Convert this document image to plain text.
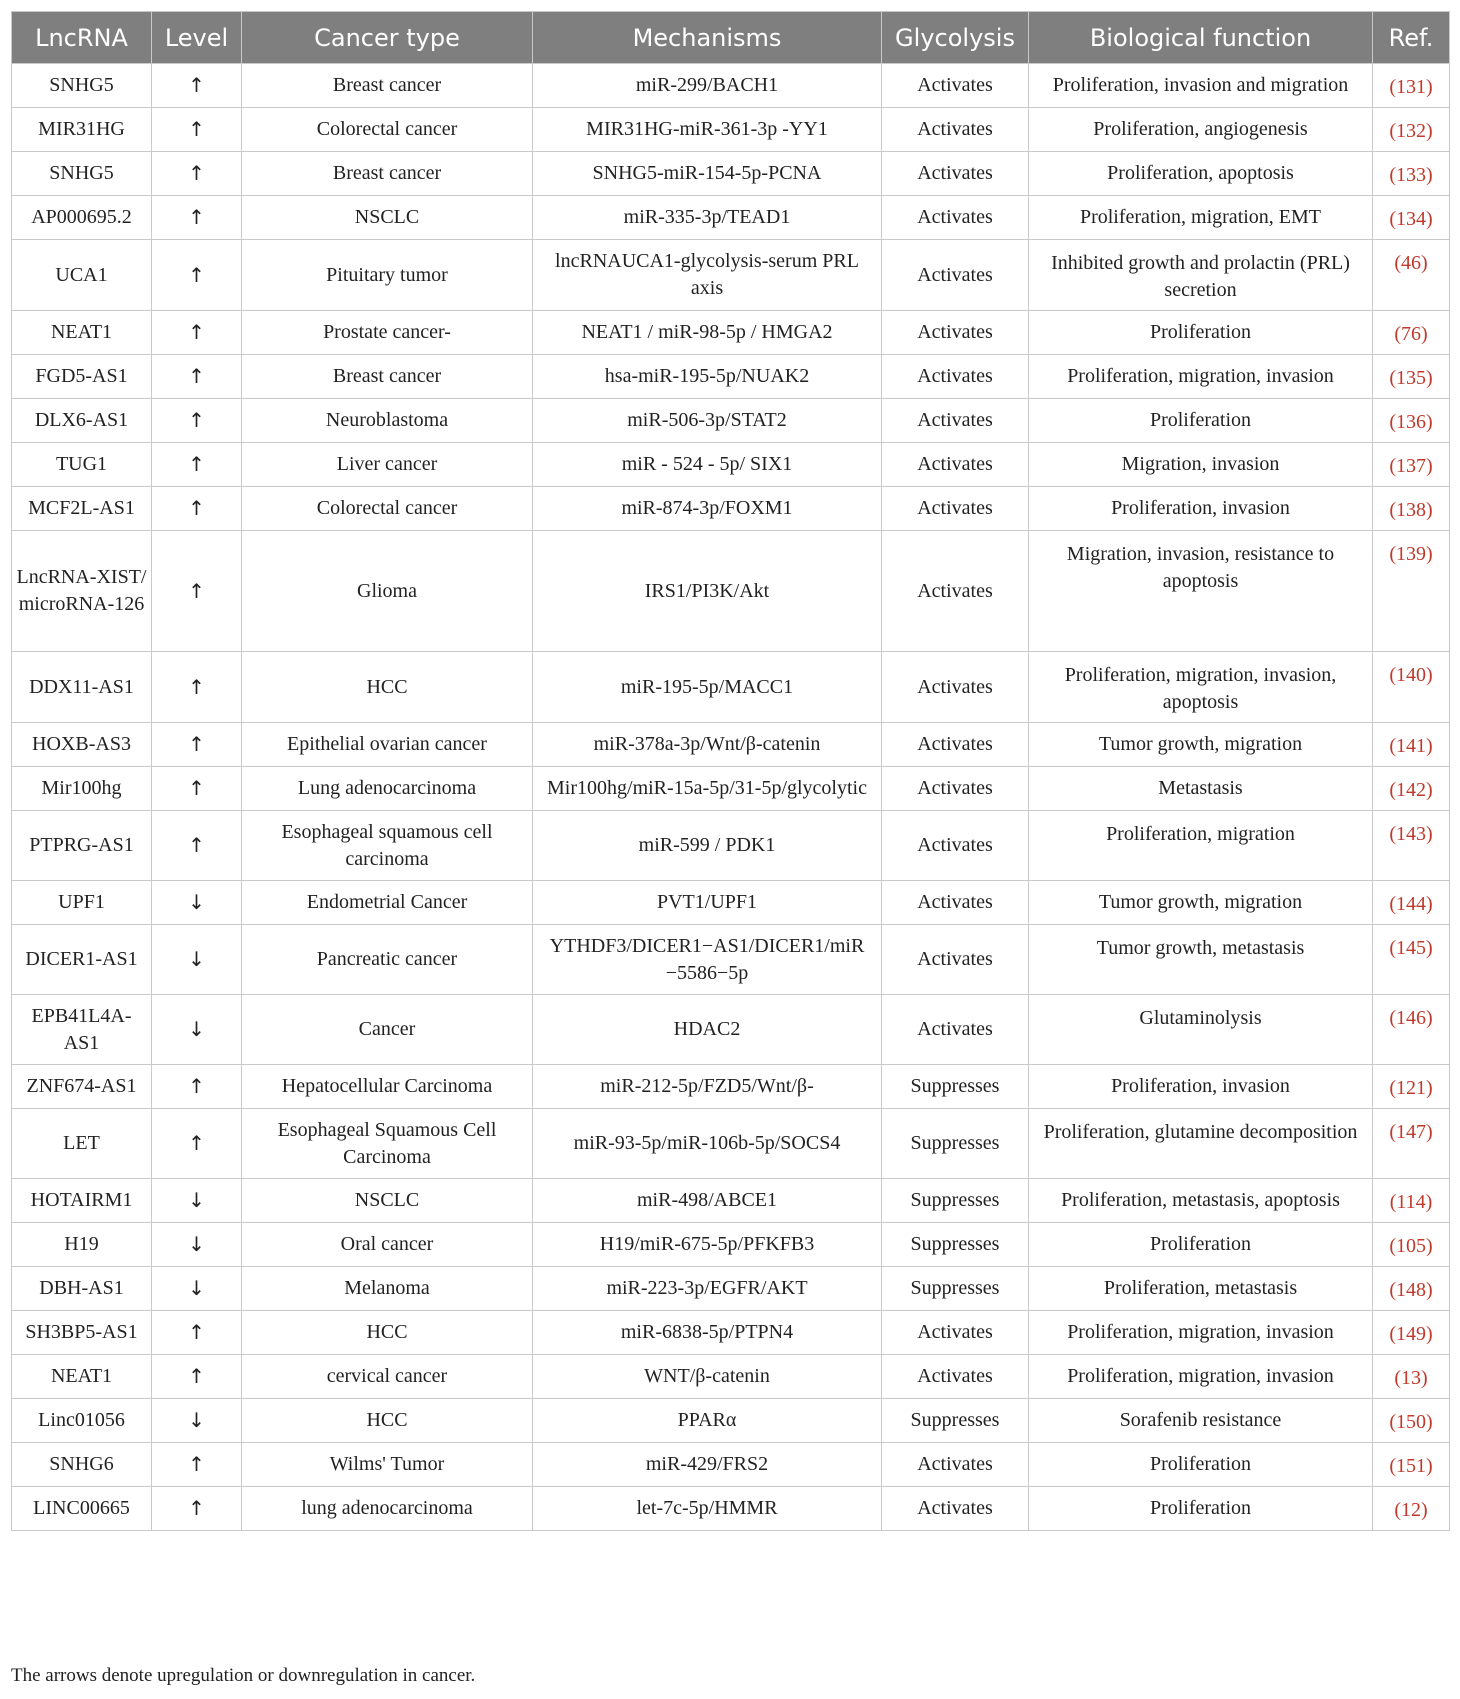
LncRNA	Level	Cancer type	Mechanisms	Glycolysis	Biological function	Ref.
SNHG5	↑	Breast cancer	miR-299/BACH1	Activates	Proliferation, invasion and migration	(131)
MIR31HG	↑	Colorectal cancer	MIR31HG-miR-361-3p -YY1	Activates	Proliferation, angiogenesis	(132)
SNHG5	↑	Breast cancer	SNHG5-miR-154-5p-PCNA	Activates	Proliferation, apoptosis	(133)
AP000695.2	↑	NSCLC	miR-335-3p/TEAD1	Activates	Proliferation, migration, EMT	(134)
UCA1	↑	Pituitary tumor	lncRNAUCA1-glycolysis-serum PRL axis	Activates	Inhibited growth and prolactin (PRL) secretion	(46)
NEAT1	↑	Prostate cancer-	NEAT1 / miR-98-5p / HMGA2	Activates	Proliferation	(76)
FGD5-AS1	↑	Breast cancer	hsa-miR-195-5p/NUAK2	Activates	Proliferation, migration, invasion	(135)
DLX6-AS1	↑	Neuroblastoma	miR-506-3p/STAT2	Activates	Proliferation	(136)
TUG1	↑	Liver cancer	miR - 524 - 5p/ SIX1	Activates	Migration, invasion	(137)
MCF2L-AS1	↑	Colorectal cancer	miR-874-3p/FOXM1	Activates	Proliferation, invasion	(138)
LncRNA-XIST/ microRNA-126	↑	Glioma	IRS1/PI3K/Akt	Activates	Migration, invasion, resistance to apoptosis	(139)
DDX11-AS1	↑	HCC	miR-195-5p/MACC1	Activates	Proliferation, migration, invasion, apoptosis	(140)
HOXB-AS3	↑	Epithelial ovarian cancer	miR-378a-3p/Wnt/β-catenin	Activates	Tumor growth, migration	(141)
Mir100hg	↑	Lung adenocarcinoma	Mir100hg/miR-15a-5p/31-5p/glycolytic	Activates	Metastasis	(142)
PTPRG-AS1	↑	Esophageal squamous cell carcinoma	miR-599 / PDK1	Activates	Proliferation, migration	(143)
UPF1	↓	Endometrial Cancer	PVT1/UPF1	Activates	Tumor growth, migration	(144)
DICER1-AS1	↓	Pancreatic cancer	YTHDF3/DICER1−AS1/DICER1/miR −5586−5p	Activates	Tumor growth, metastasis	(145)
EPB41L4A-AS1	↓	Cancer	HDAC2	Activates	Glutaminolysis	(146)
ZNF674-AS1	↑	Hepatocellular Carcinoma	miR-212-5p/FZD5/Wnt/β-	Suppresses	Proliferation, invasion	(121)
LET	↑	Esophageal Squamous Cell Carcinoma	miR-93-5p/miR-106b-5p/SOCS4	Suppresses	Proliferation, glutamine decomposition	(147)
HOTAIRM1	↓	NSCLC	miR-498/ABCE1	Suppresses	Proliferation, metastasis, apoptosis	(114)
H19	↓	Oral cancer	H19/miR-675-5p/PFKFB3	Suppresses	Proliferation	(105)
DBH-AS1	↓	Melanoma	miR-223-3p/EGFR/AKT	Suppresses	Proliferation, metastasis	(148)
SH3BP5-AS1	↑	HCC	miR-6838-5p/PTPN4	Activates	Proliferation, migration, invasion	(149)
NEAT1	↑	cervical cancer	WNT/β-catenin	Activates	Proliferation, migration, invasion	(13)
Linc01056	↓	HCC	PPARα	Suppresses	Sorafenib resistance	(150)
SNHG6	↑	Wilms' Tumor	miR-429/FRS2	Activates	Proliferation	(151)
LINC00665	↑	lung adenocarcinoma	let-7c-5p/HMMR	Activates	Proliferation	(12)
The arrows denote upregulation or downregulation in cancer.
